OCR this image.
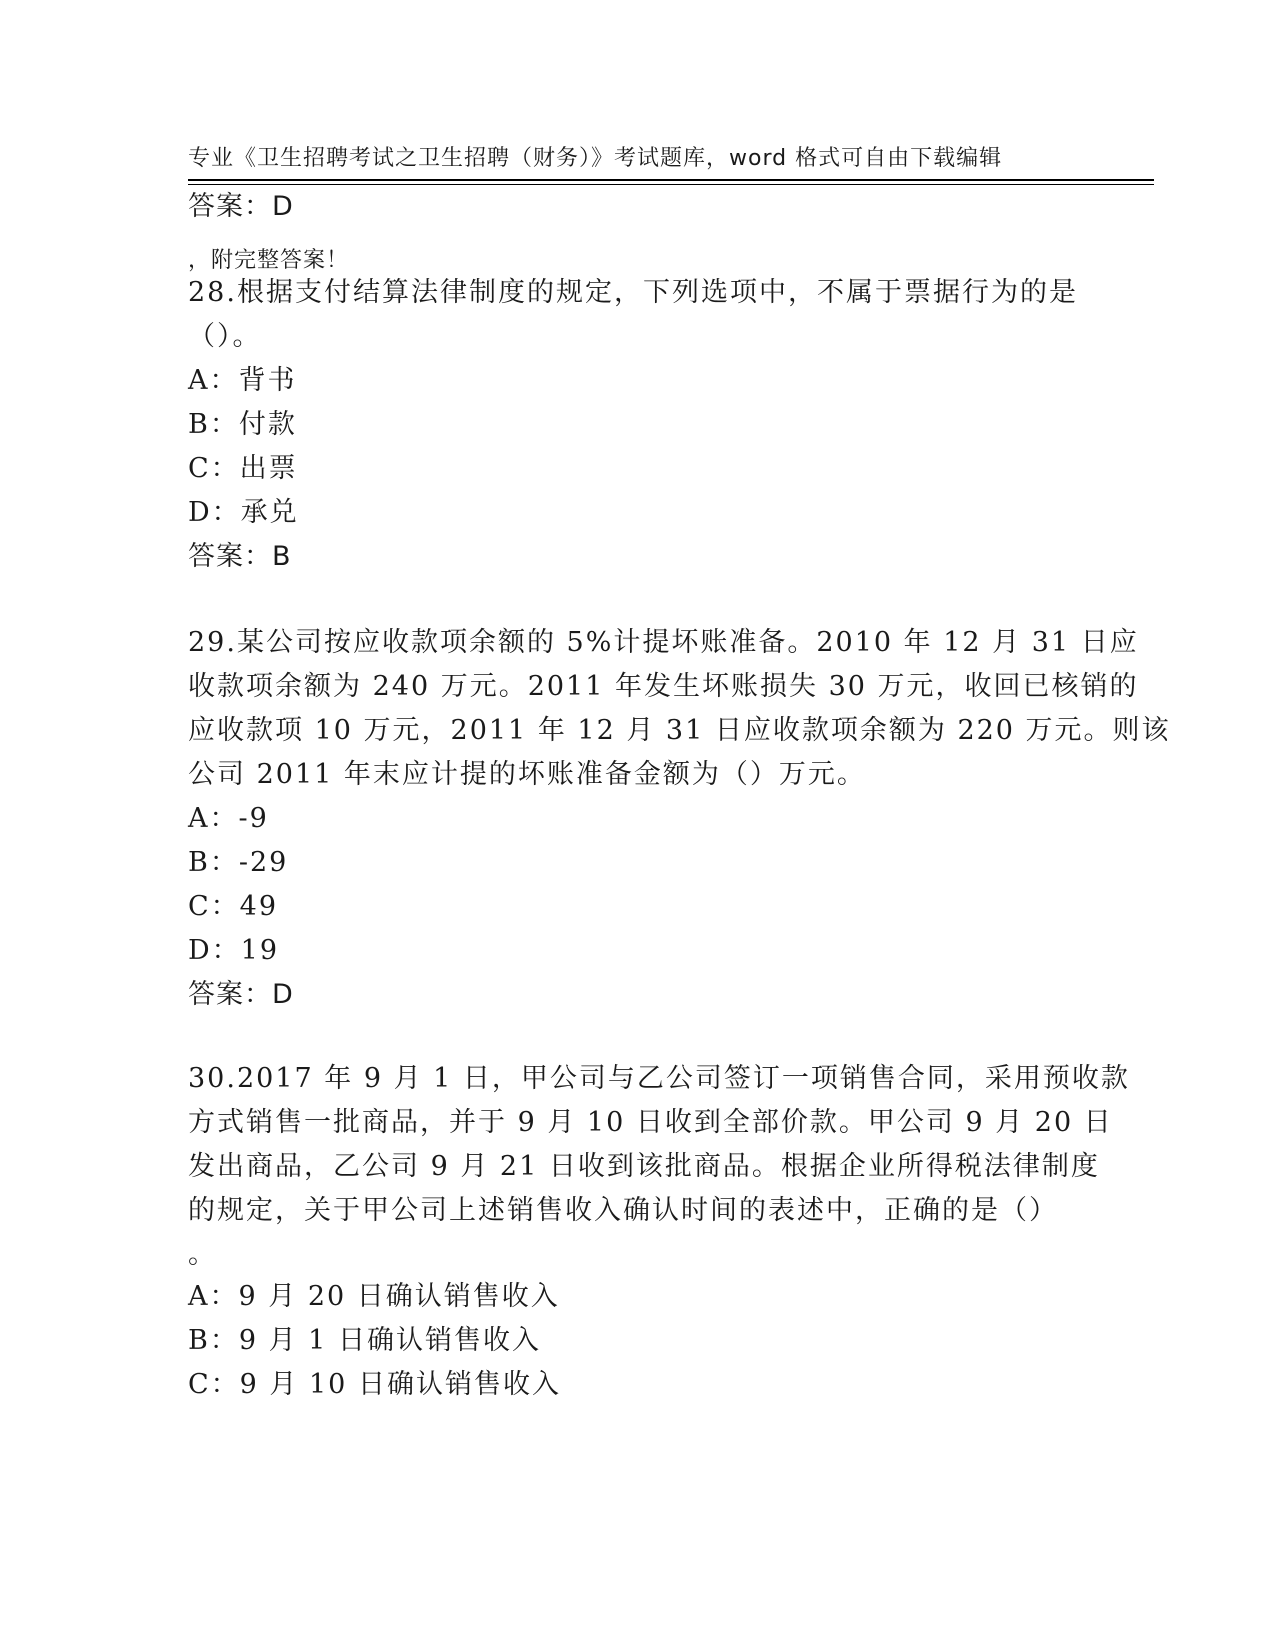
专业《卫生招聘考试之卫生招聘（财务）》考试题库，word 格式可自由下载编辑

，附完整答案！

答案：D
28.根据支付结算法律制度的规定，下列选项中，不属于票据行为的是
（）。
A：背书
B：付款
C：出票
D：承兑
答案：B
29.某公司按应收款项余额的 5%计提坏账准备。2010 年 12 月 31 日应
收款项余额为 240 万元。2011 年发生坏账损失 30 万元，收回已核销的
应收款项 10 万元，2011 年 12 月 31 日应收款项余额为 220 万元。则该
公司 2011 年末应计提的坏账准备金额为（）万元。
A：-9
B：-29
C：49
D：19
答案：D
30.2017 年 9 月 1 日，甲公司与乙公司签订一项销售合同，采用预收款
方式销售一批商品，并于 9 月 10 日收到全部价款。甲公司 9 月 20 日
发出商品，乙公司 9 月 21 日收到该批商品。根据企业所得税法律制度
的规定，关于甲公司上述销售收入确认时间的表述中，正确的是（）
。
A：9 月 20 日确认销售收入
B：9 月 1 日确认销售收入
C：9 月 10 日确认销售收入
